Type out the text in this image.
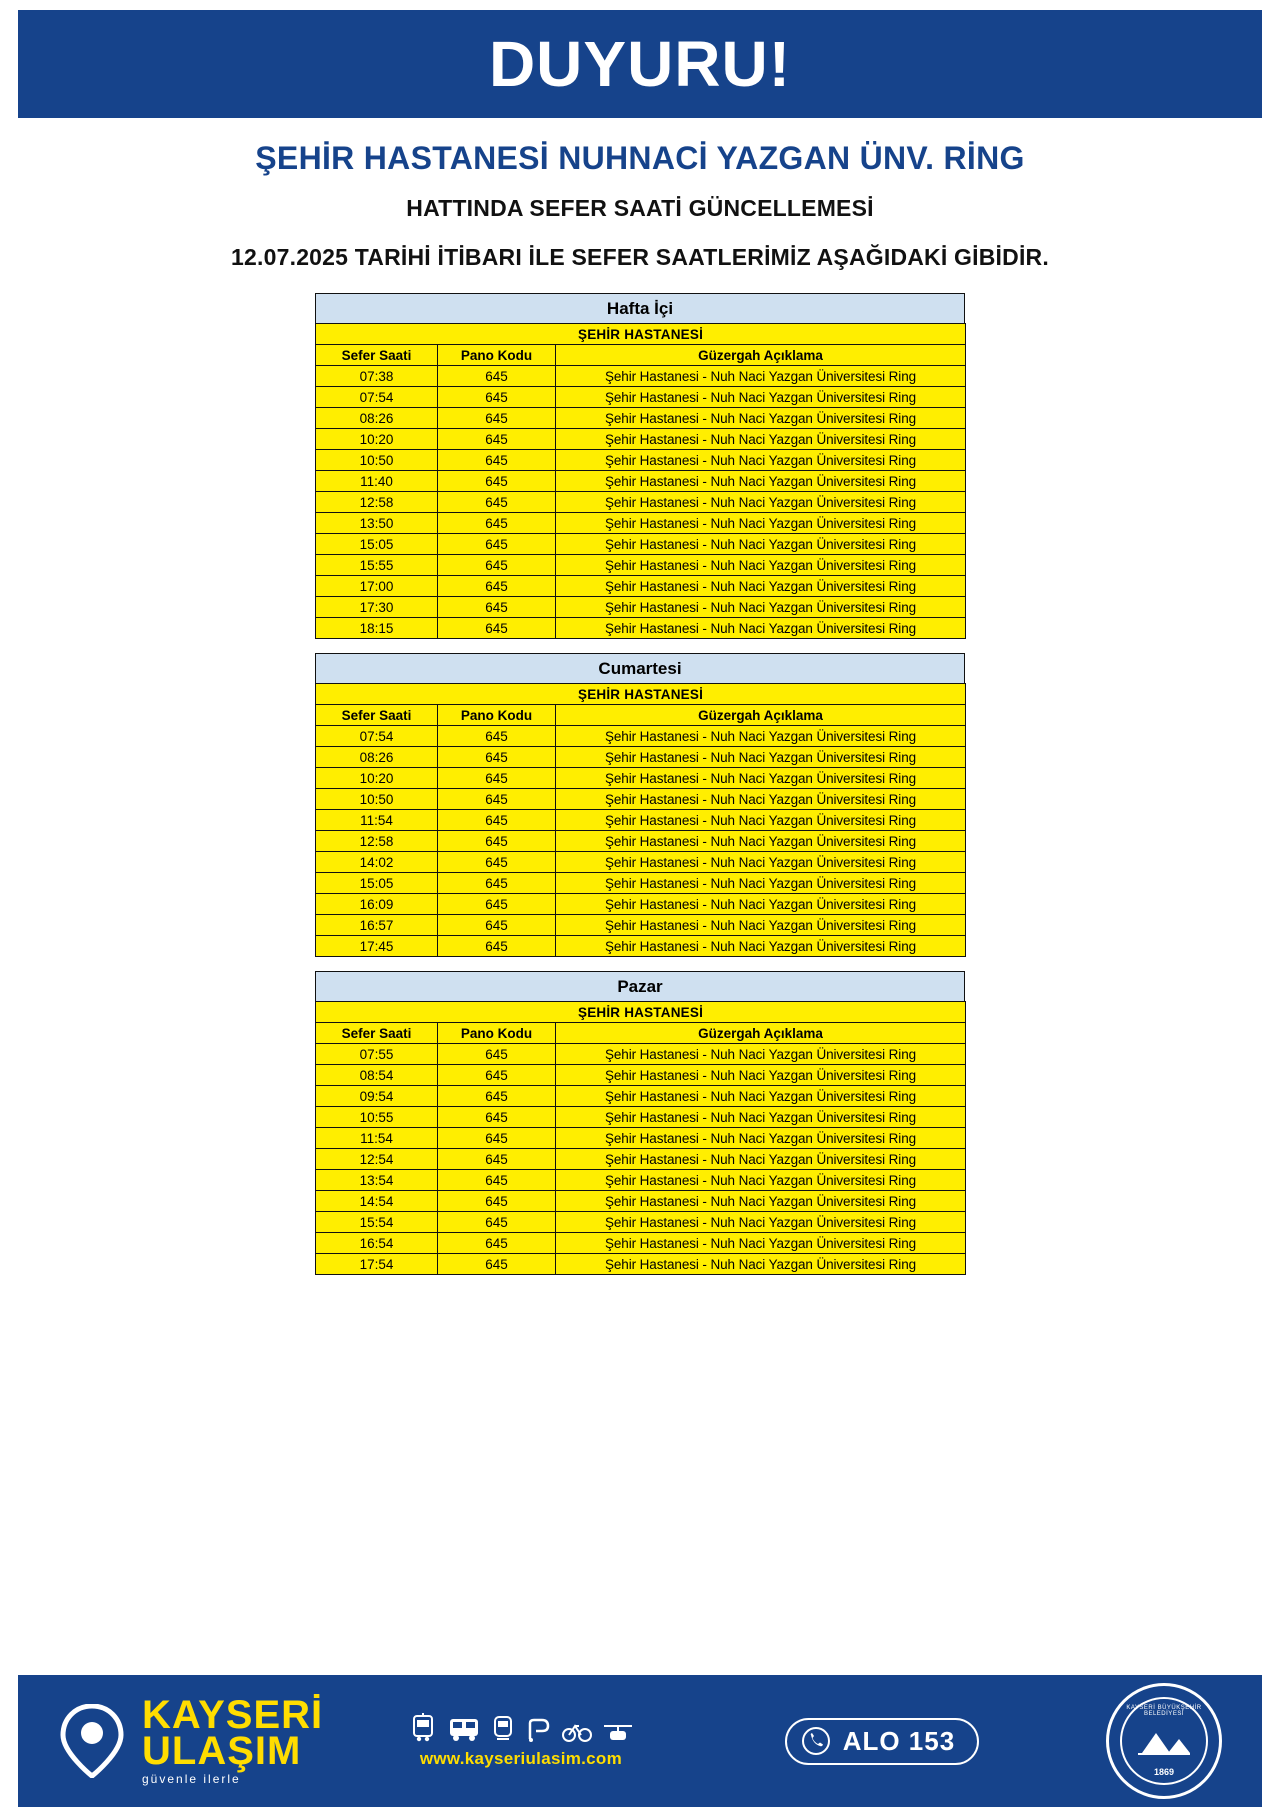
DUYURU!
ŞEHİR HASTANESİ NUHNACİ YAZGAN ÜNV. RİNG
HATTINDA SEFER SAATİ GÜNCELLEMESİ
12.07.2025 TARİHİ İTİBARI İLE SEFER SAATLERİMİZ AŞAĞIDAKİ GİBİDİR.
Hafta İçi
ŞEHİR HASTANESİ		
Sefer Saati	Pano Kodu	Güzergah Açıklama
07:38	645	Şehir Hastanesi - Nuh Naci Yazgan Üniversitesi Ring
07:54	645	Şehir Hastanesi - Nuh Naci Yazgan Üniversitesi Ring
08:26	645	Şehir Hastanesi - Nuh Naci Yazgan Üniversitesi Ring
10:20	645	Şehir Hastanesi - Nuh Naci Yazgan Üniversitesi Ring
10:50	645	Şehir Hastanesi - Nuh Naci Yazgan Üniversitesi Ring
11:40	645	Şehir Hastanesi - Nuh Naci Yazgan Üniversitesi Ring
12:58	645	Şehir Hastanesi - Nuh Naci Yazgan Üniversitesi Ring
13:50	645	Şehir Hastanesi - Nuh Naci Yazgan Üniversitesi Ring
15:05	645	Şehir Hastanesi - Nuh Naci Yazgan Üniversitesi Ring
15:55	645	Şehir Hastanesi - Nuh Naci Yazgan Üniversitesi Ring
17:00	645	Şehir Hastanesi - Nuh Naci Yazgan Üniversitesi Ring
17:30	645	Şehir Hastanesi - Nuh Naci Yazgan Üniversitesi Ring
18:15	645	Şehir Hastanesi - Nuh Naci Yazgan Üniversitesi Ring
Cumartesi
ŞEHİR HASTANESİ		
Sefer Saati	Pano Kodu	Güzergah Açıklama
07:54	645	Şehir Hastanesi - Nuh Naci Yazgan Üniversitesi Ring
08:26	645	Şehir Hastanesi - Nuh Naci Yazgan Üniversitesi Ring
10:20	645	Şehir Hastanesi - Nuh Naci Yazgan Üniversitesi Ring
10:50	645	Şehir Hastanesi - Nuh Naci Yazgan Üniversitesi Ring
11:54	645	Şehir Hastanesi - Nuh Naci Yazgan Üniversitesi Ring
12:58	645	Şehir Hastanesi - Nuh Naci Yazgan Üniversitesi Ring
14:02	645	Şehir Hastanesi - Nuh Naci Yazgan Üniversitesi Ring
15:05	645	Şehir Hastanesi - Nuh Naci Yazgan Üniversitesi Ring
16:09	645	Şehir Hastanesi - Nuh Naci Yazgan Üniversitesi Ring
16:57	645	Şehir Hastanesi - Nuh Naci Yazgan Üniversitesi Ring
17:45	645	Şehir Hastanesi - Nuh Naci Yazgan Üniversitesi Ring
Pazar
ŞEHİR HASTANESİ		
Sefer Saati	Pano Kodu	Güzergah Açıklama
07:55	645	Şehir Hastanesi - Nuh Naci Yazgan Üniversitesi Ring
08:54	645	Şehir Hastanesi - Nuh Naci Yazgan Üniversitesi Ring
09:54	645	Şehir Hastanesi - Nuh Naci Yazgan Üniversitesi Ring
10:55	645	Şehir Hastanesi - Nuh Naci Yazgan Üniversitesi Ring
11:54	645	Şehir Hastanesi - Nuh Naci Yazgan Üniversitesi Ring
12:54	645	Şehir Hastanesi - Nuh Naci Yazgan Üniversitesi Ring
13:54	645	Şehir Hastanesi - Nuh Naci Yazgan Üniversitesi Ring
14:54	645	Şehir Hastanesi - Nuh Naci Yazgan Üniversitesi Ring
15:54	645	Şehir Hastanesi - Nuh Naci Yazgan Üniversitesi Ring
16:54	645	Şehir Hastanesi - Nuh Naci Yazgan Üniversitesi Ring
17:54	645	Şehir Hastanesi - Nuh Naci Yazgan Üniversitesi Ring
KAYSERİ
ULAŞIM
güvenle ilerle
www.kayseriulasim.com
ALO 153
KAYSERİ BÜYÜKŞEHİR BELEDİYESİ
1869
